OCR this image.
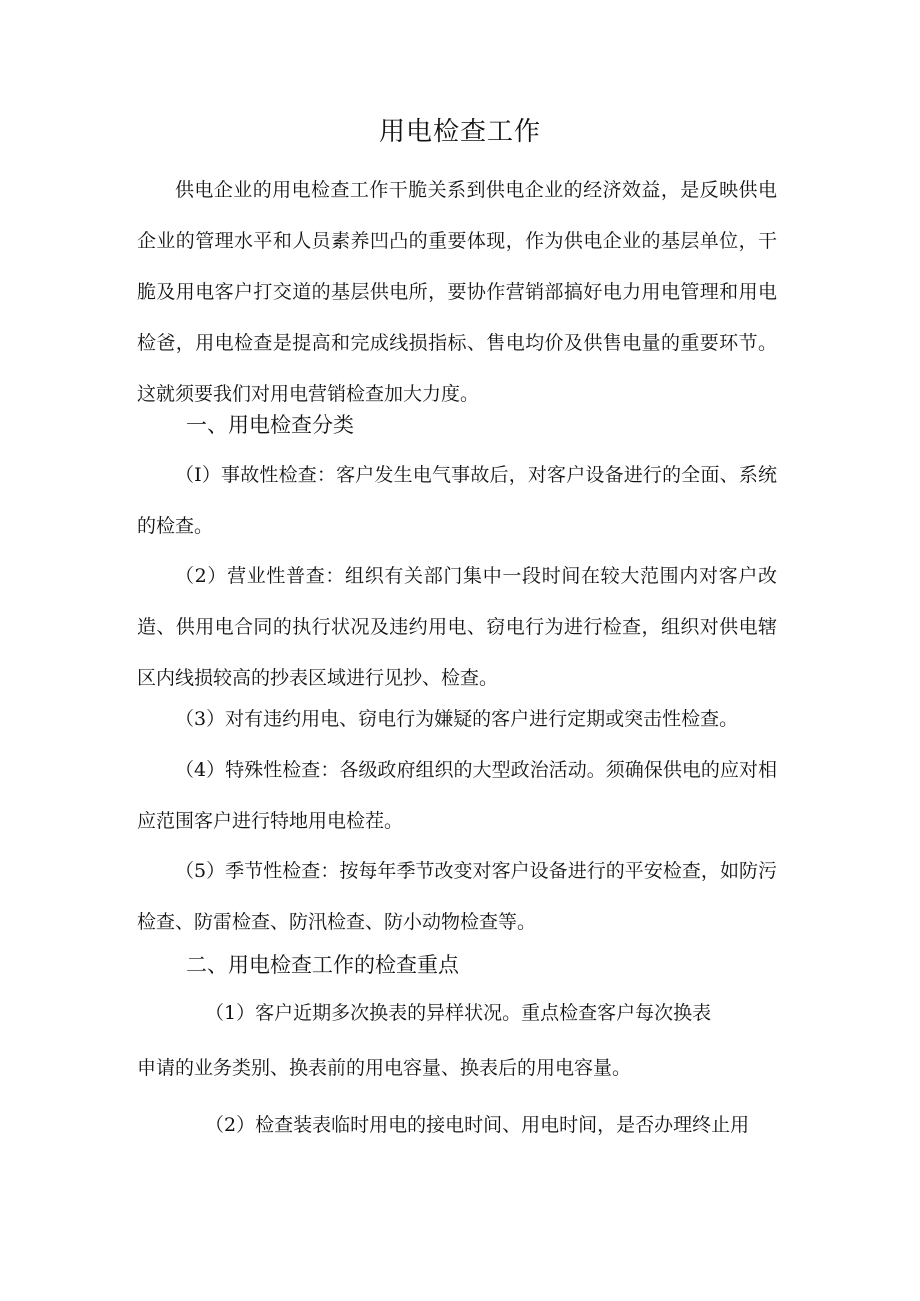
用电检查工作

供电企业的用电检查工作干脆关系到供电企业的经济效益，是反映供电企业的管理水平和人员素养凹凸的重要体现，作为供电企业的基层单位，干脆及用电客户打交道的基层供电所，要协作营销部搞好电力用电管理和用电检爸，用电检查是提高和完成线损指标、售电均价及供售电量的重要环节。这就须要我们对用电营销检查加大力度。

一、用电检查分类

（I）事故性检查：客户发生电气事故后，对客户设备进行的全面、系统的检查。

（2）营业性普查：组织有关部门集中一段时间在较大范围内对客户改造、供用电合同的执行状况及违约用电、窃电行为进行检查，组织对供电辖区内线损较高的抄表区域进行见抄、检查。

（3）对有违约用电、窃电行为嫌疑的客户进行定期或突击性检查。

（4）特殊性检查：各级政府组织的大型政治活动。须确保供电的应对相应范围客户进行特地用电检茬。

（5）季节性检查：按每年季节改变对客户设备进行的平安检查，如防污检查、防雷检查、防汛检查、防小动物检查等。

二、用电检查工作的检查重点

（1）客户近期多次换表的异样状况。重点检查客户每次换表

申请的业务类别、换表前的用电容量、换表后的用电容量。

（2）检查装表临时用电的接电时间、用电时间，是否办理终止用
